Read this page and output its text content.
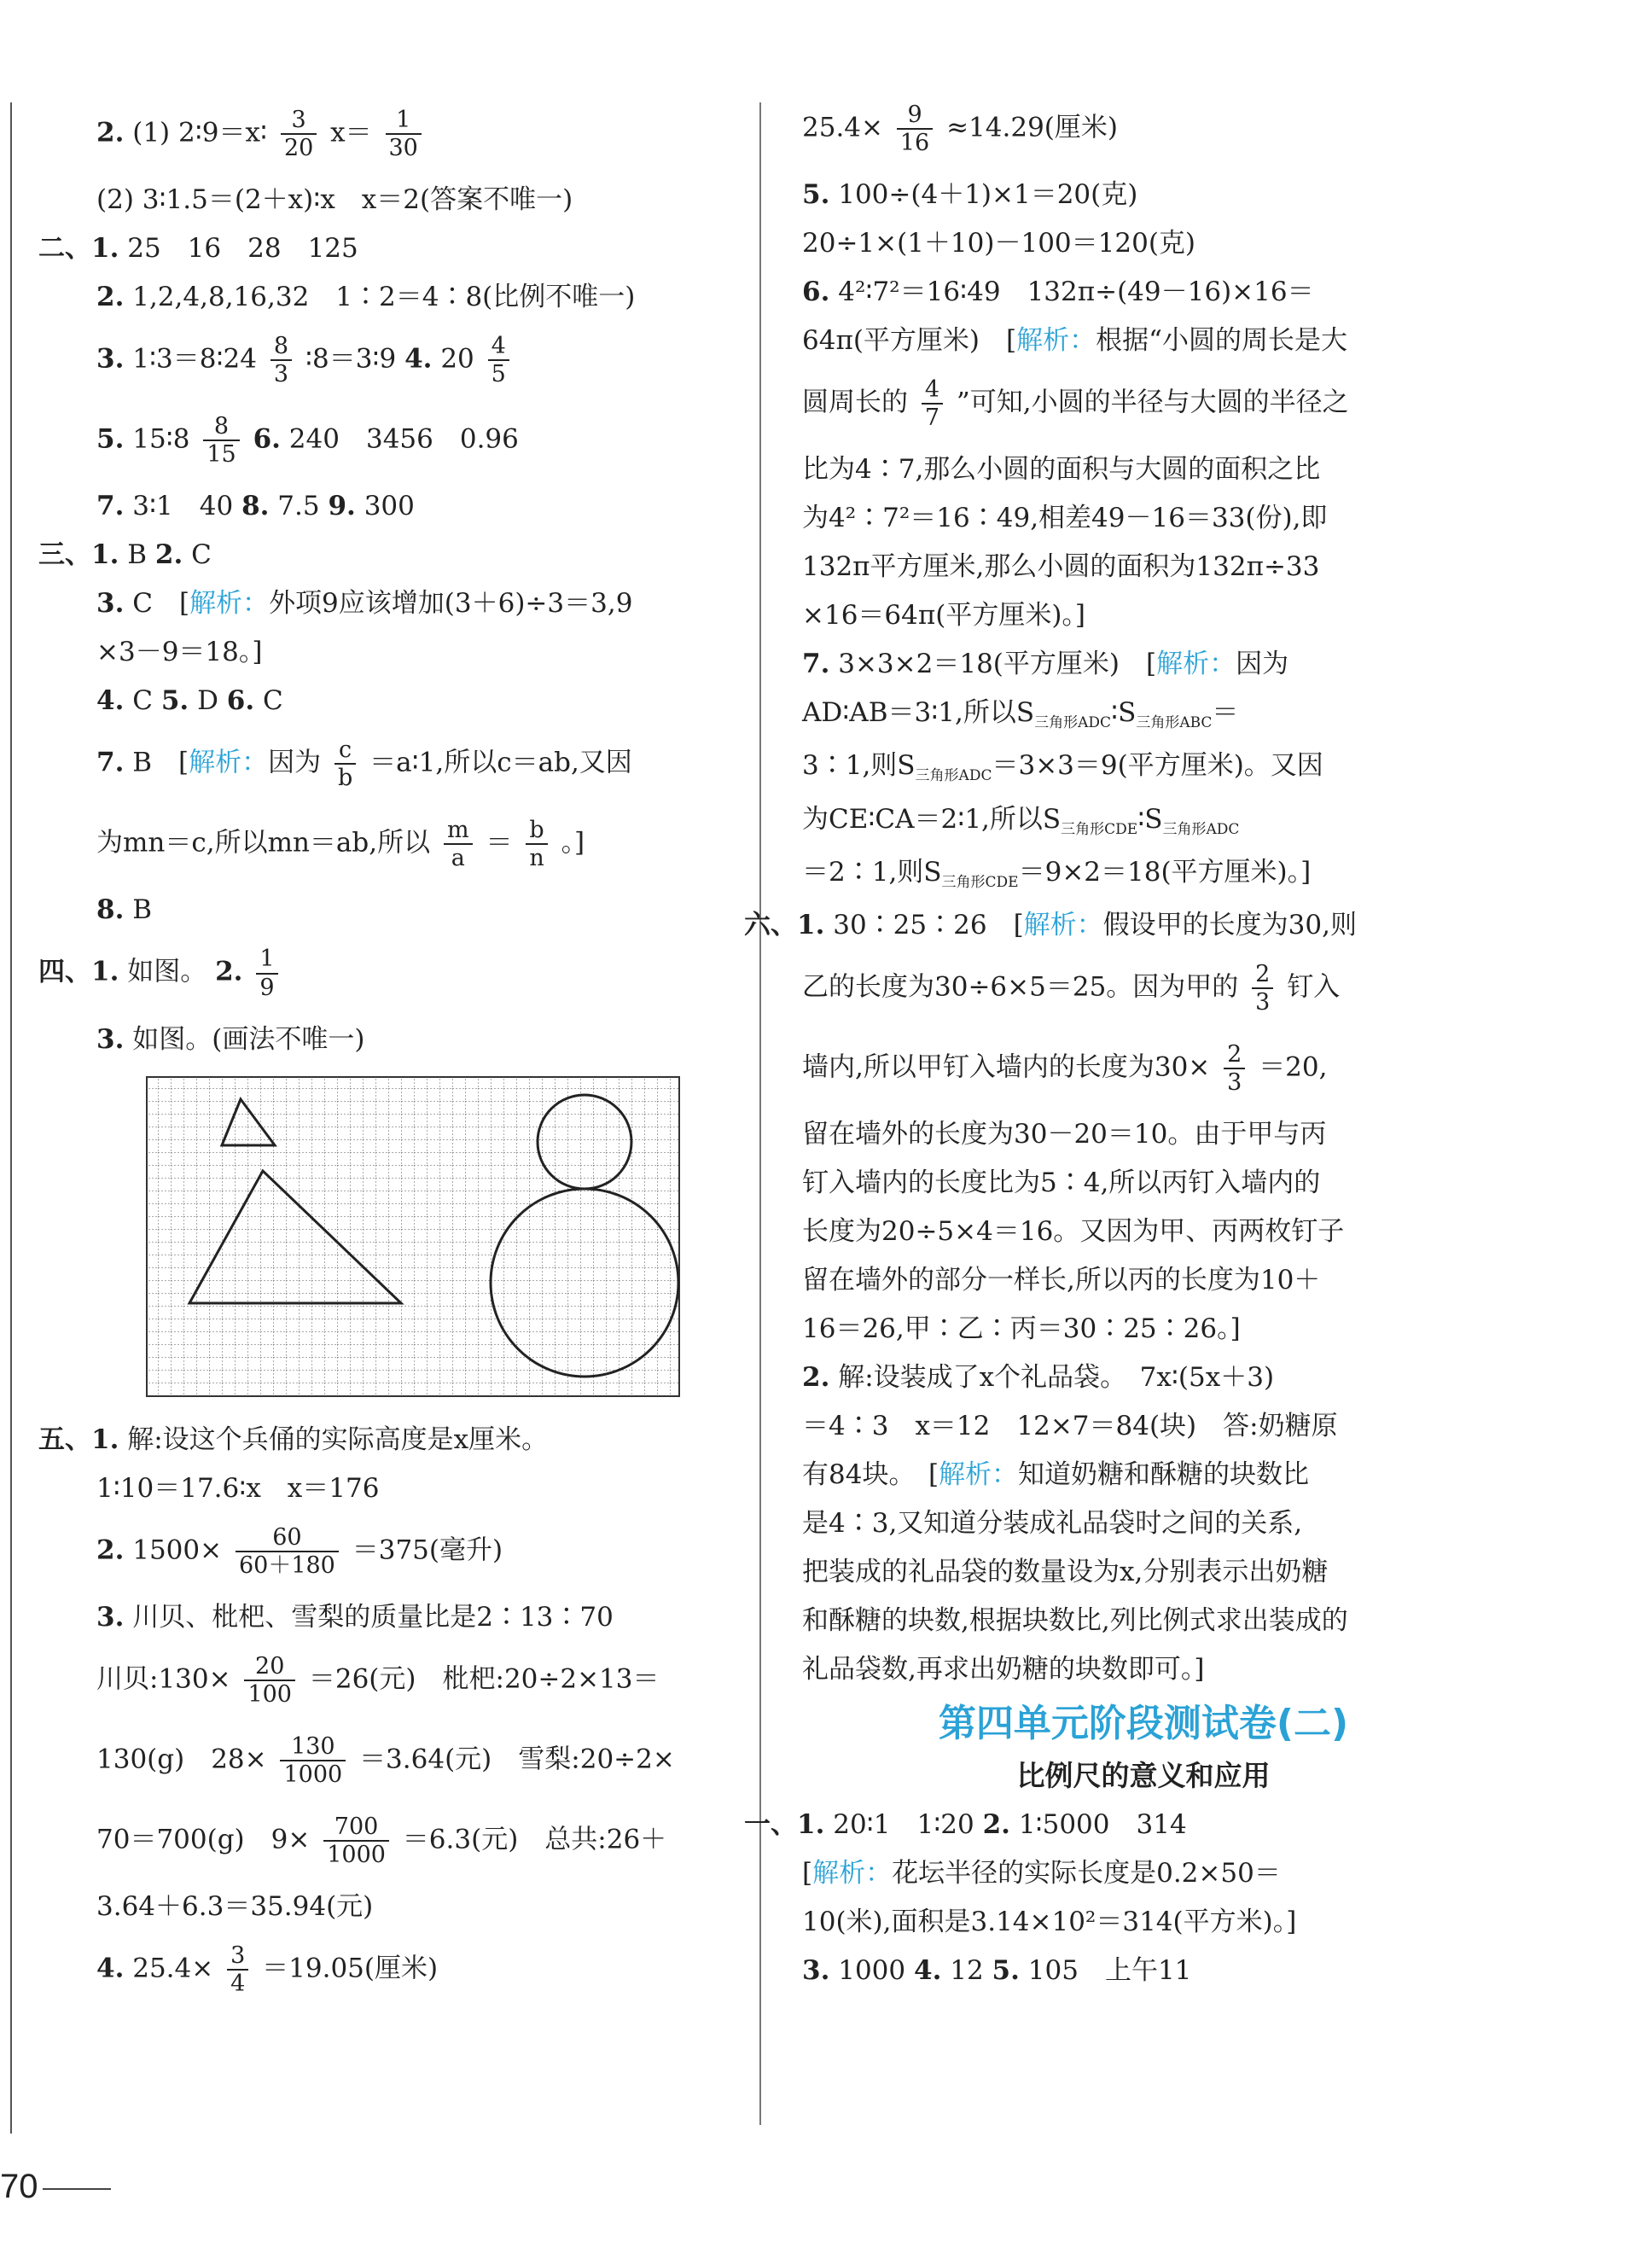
2. (1) 2∶9＝x∶ $\frac{3}{20} x= \frac{1}{30}$
(2) 3∶1.5＝(2＋x)∶x　x＝2(答案不唯一)
二、1. 25　16　28　125
2. 1,2,4,8,16,32　1∶2＝4∶8(比例不唯一)
3. 1∶3＝8∶24 $\frac{8}{3}$ ∶8＝3∶9 4. $20 \frac{4}{5}$
5. 15∶8 $\frac{8}{15} 6$. 240　3456　0.96
7. 3∶1　40 8. 7.5 9. 300
三、1. B 2. C
3. C　[解析：外项9应该增加(3＋6)÷3＝3,9
×3－9＝18。]
4. C 5. D 6. C
7. B　[解析：因为 $\frac{c}{b}$ ＝a∶1,所以c＝ab,又因
为mn＝c,所以mn＝ab,所以 $\frac{m}{a} = \frac{b}{n}$ 。]
8. B
四、1. 如图。 2. $\frac{1}{9}$
3. 如图。(画法不唯一)
五、1. 解:设这个兵俑的实际高度是x厘米。
1∶10＝17.6∶x　x＝176
2. $1500\times \frac{60}{60+180} =375$(毫升)
3. 川贝、枇杷、雪梨的质量比是2∶13∶70
川贝:130× $\frac{20}{100} =26$(元)　枇杷:20÷2×13＝
130(g)　$28\times \frac{130}{1000} =3.64$(元)　雪梨:20÷2×
70＝700(g)　$9\times \frac{700}{1000} =6.3$(元)　总共:26＋
3.64＋6.3＝35.94(元)
4. $25.4\times \frac{3}{4} =19.05$(厘米)
$25.4\times \frac{9}{16} \approx 14.29$(厘米)
5. 100÷(4＋1)×1＝20(克)
20÷1×(1＋10)－100＝120(克)
6. 4²∶7²＝16∶49　132π÷(49－16)×16＝
64π(平方厘米)　[解析：根据“小圆的周长是大
圆周长的 $\frac{4}{7}$ ”可知,小圆的半径与大圆的半径之
比为4∶7,那么小圆的面积与大圆的面积之比
为4²∶7²＝16∶49,相差49－16＝33(份),即
132π平方厘米,那么小圆的面积为132π÷33
×16＝64π(平方厘米)。]
7. 3×3×2＝18(平方厘米)　[解析：因为
AD∶AB＝3∶1,所以$S_{三角形ADC}∶S_{三角形ABC}=$
3∶1,则$S_{三角形ADC}=3\times 3=9$(平方厘米)。又因
为CE∶CA＝2∶1,所以$S_{三角形CDE}∶S_{三角形ADC}$
＝2∶1,则$S_{三角形CDE}=9\times 2=18$(平方厘米)。]
六、1. 30∶25∶26　[解析：假设甲的长度为30,则
乙的长度为30÷6×5＝25。因为甲的 $\frac{2}{3}$ 钉入
墙内,所以甲钉入墙内的长度为$30\times \frac{2}{3} =20$,
留在墙外的长度为30－20＝10。由于甲与丙
钉入墙内的长度比为5∶4,所以丙钉入墙内的
长度为20÷5×4＝16。又因为甲、丙两枚钉子
留在墙外的部分一样长,所以丙的长度为10＋
16＝26,甲∶乙∶丙＝30∶25∶26。]
2. 解:设装成了x个礼品袋。　7x∶(5x＋3)
＝4∶3　x＝12　12×7＝84(块)　答:奶糖原
有84块。　[解析：知道奶糖和酥糖的块数比
是4∶3,又知道分装成礼品袋时之间的关系,
把装成的礼品袋的数量设为x,分别表示出奶糖
和酥糖的块数,根据块数比,列比例式求出装成的
礼品袋数,再求出奶糖的块数即可。]
第四单元阶段测试卷(二)
比例尺的意义和应用
一、1. 20∶1　1∶20 2. 1∶5000　314
[解析：花坛半径的实际长度是0.2×50＝
10(米),面积是3.14×10²＝314(平方米)。]
3. 1000 4. 12 5. 105　上午11
70
